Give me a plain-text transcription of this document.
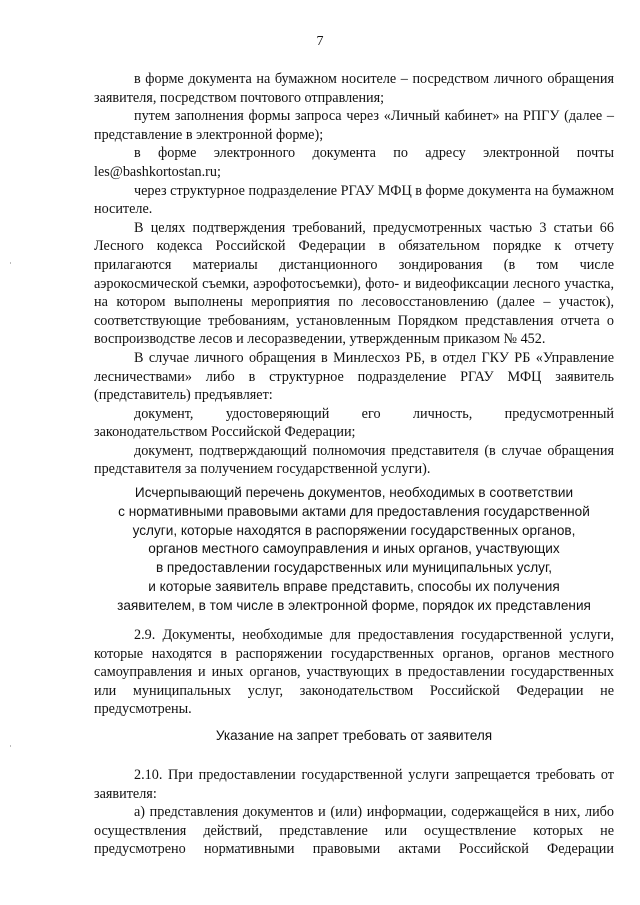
7

в форме документа на бумажном носителе – посредством личного обращения заявителя, посредством почтового отправления;

путем заполнения формы запроса через «Личный кабинет» на РПГУ (далее – представление в электронной форме);

в форме электронного документа по адресу электронной почты les@bashkortostan.ru;

через структурное подразделение РГАУ МФЦ в форме документа на бумажном носителе.

В целях подтверждения требований, предусмотренных частью 3 статьи 66 Лесного кодекса Российской Федерации в обязательном порядке к отчету прилагаются материалы дистанционного зондирования (в том числе аэрокосмической съемки, аэрофотосъемки), фото- и видеофиксации лесного участка, на котором выполнены мероприятия по лесовосстановлению (далее – участок), соответствующие требованиям, установленным Порядком представления отчета о воспроизводстве лесов и лесоразведении, утвержденным приказом № 452.

В случае личного обращения в Минлесхоз РБ, в отдел ГКУ РБ «Управление лесничествами» либо в структурное подразделение РГАУ МФЦ заявитель (представитель) предъявляет:

документ, удостоверяющий его личность, предусмотренный законодательством Российской Федерации;

документ, подтверждающий полномочия представителя (в случае обращения представителя за получением государственной услуги).

Исчерпывающий перечень документов, необходимых в соответствии

с нормативными правовыми актами для предоставления государственной

услуги, которые находятся в распоряжении государственных органов,

органов местного самоуправления и иных органов, участвующих

в предоставлении государственных или муниципальных услуг,

и которые заявитель вправе представить, способы их получения

заявителем, в том числе в электронной форме, порядок их представления

2.9. Документы, необходимые для предоставления государственной услуги, которые находятся в распоряжении государственных органов, органов местного самоуправления и иных органов, участвующих в предоставлении государственных или муниципальных услуг, законодательством Российской Федерации не предусмотрены.

Указание на запрет требовать от заявителя

2.10. При предоставлении государственной услуги запрещается требовать от заявителя:

а) представления документов и (или) информации, содержащейся в них, либо осуществления действий, представление или осуществление которых не предусмотрено нормативными правовыми актами Российской Федерации
